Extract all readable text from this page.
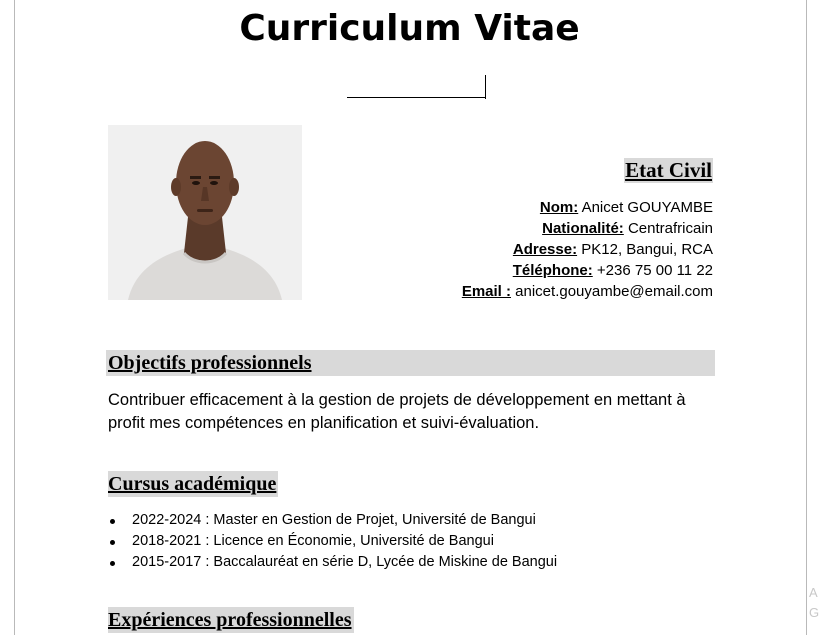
Curriculum Vitae
Etat Civil
Nom: Anicet GOUYAMBE
Nationalité: Centrafricain
Adresse: PK12, Bangui, RCA
Téléphone: +236 75 00 11 22
Email : anicet.gouyambe@email.com
Objectifs professionnels
Contribuer efficacement à la gestion de projets de développement en mettant à profit mes compétences en planification et suivi-évaluation.
Cursus académique
2022-2024 : Master en Gestion de Projet, Université de Bangui
2018-2021 : Licence en Économie, Université de Bangui
2015-2017 : Baccalauréat en série D, Lycée de Miskine de Bangui
Expériences professionnelles
A
G
